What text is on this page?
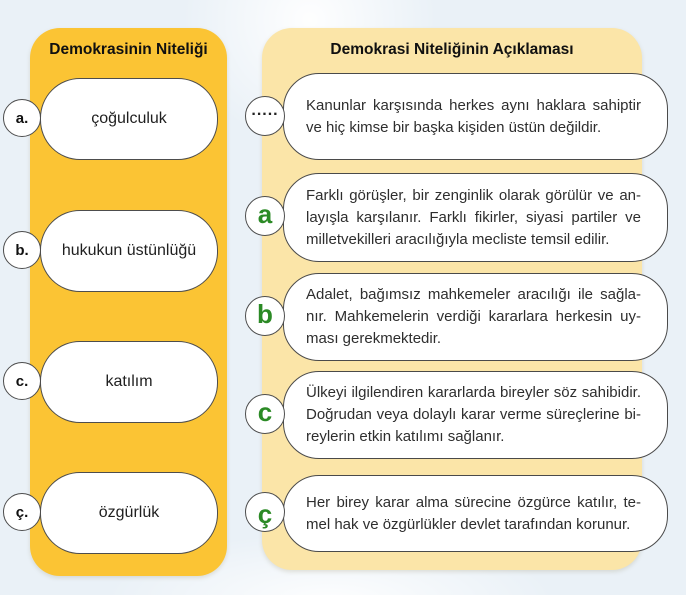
Demokrasinin Niteliği
çoğulculuk
hukukun üstünlüğü
katılım
özgürlük
a.
b.
c.
ç.
Demokrasi Niteliğinin Açıklaması
Kanunlar karşısında herkes aynı haklara sahiptir
ve hiç kimse bir başka kişiden üstün değildir.
Farklı görüşler, bir zenginlik olarak görülür ve an-
layışla karşılanır. Farklı fikirler, siyasi partiler ve
milletvekilleri aracılığıyla mecliste temsil edilir.
Adalet, bağımsız mahkemeler aracılığı ile sağla-
nır. Mahkemelerin verdiği kararlara herkesin uy-
ması gerekmektedir.
Ülkeyi ilgilendiren kararlarda bireyler söz sahibidir.
Doğrudan veya dolaylı karar verme süreçlerine bi-
reylerin etkin katılımı sağlanır.
Her birey karar alma sürecine özgürce katılır, te-
mel hak ve özgürlükler devlet tarafından korunur.
.....
a
b
c
ç
